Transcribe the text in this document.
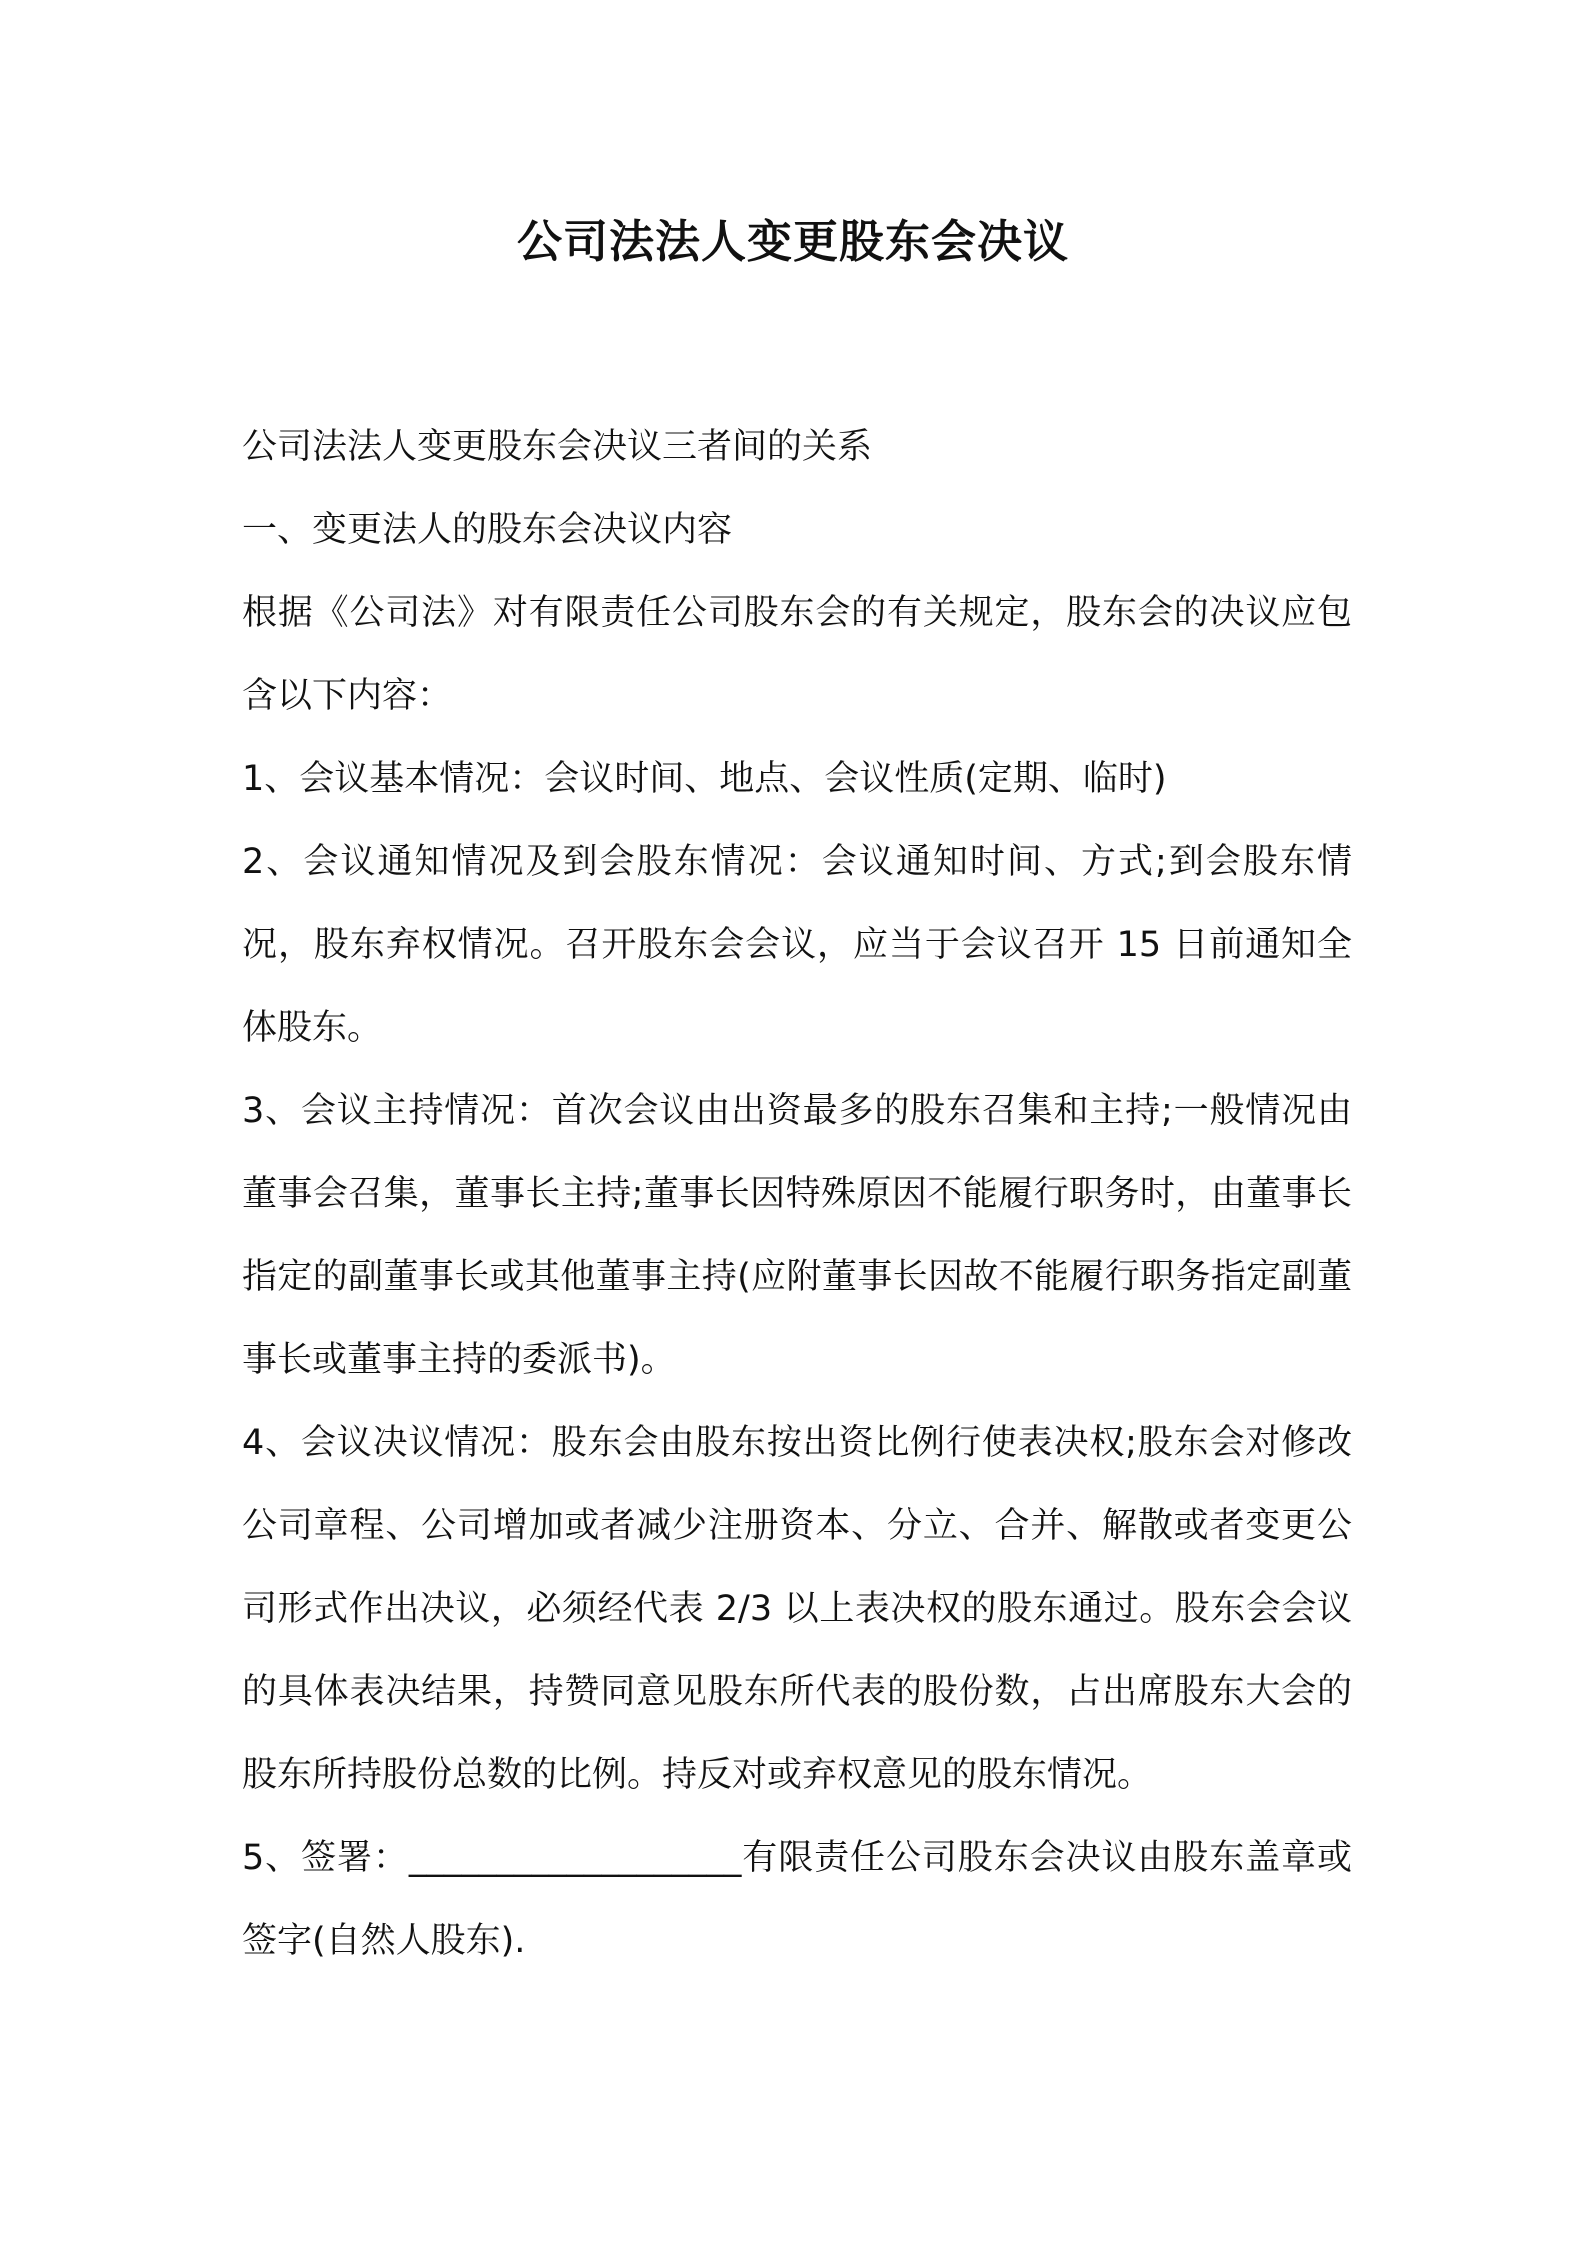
公司法法人变更股东会决议

公司法法人变更股东会决议三者间的关系

一、变更法人的股东会决议内容

根据《公司法》对有限责任公司股东会的有关规定，股东会的决议应包含以下内容：

1、会议基本情况：会议时间、地点、会议性质(定期、临时)

2、会议通知情况及到会股东情况：会议通知时间、方式;到会股东情况，股东弃权情况。召开股东会会议，应当于会议召开 15 日前通知全体股东。

3、会议主持情况：首次会议由出资最多的股东召集和主持;一般情况由董事会召集，董事长主持;董事长因特殊原因不能履行职务时，由董事长指定的副董事长或其他董事主持(应附董事长因故不能履行职务指定副董事长或董事主持的委派书)。

4、会议决议情况：股东会由股东按出资比例行使表决权;股东会对修改公司章程、公司增加或者减少注册资本、分立、合并、解散或者变更公司形式作出决议，必须经代表 2/3 以上表决权的股东通过。股东会会议的具体表决结果，持赞同意见股东所代表的股份数，占出席股东大会的股东所持股份总数的比例。持反对或弃权意见的股东情况。

5、签署：___________________有限责任公司股东会决议由股东盖章或签字(自然人股东).
